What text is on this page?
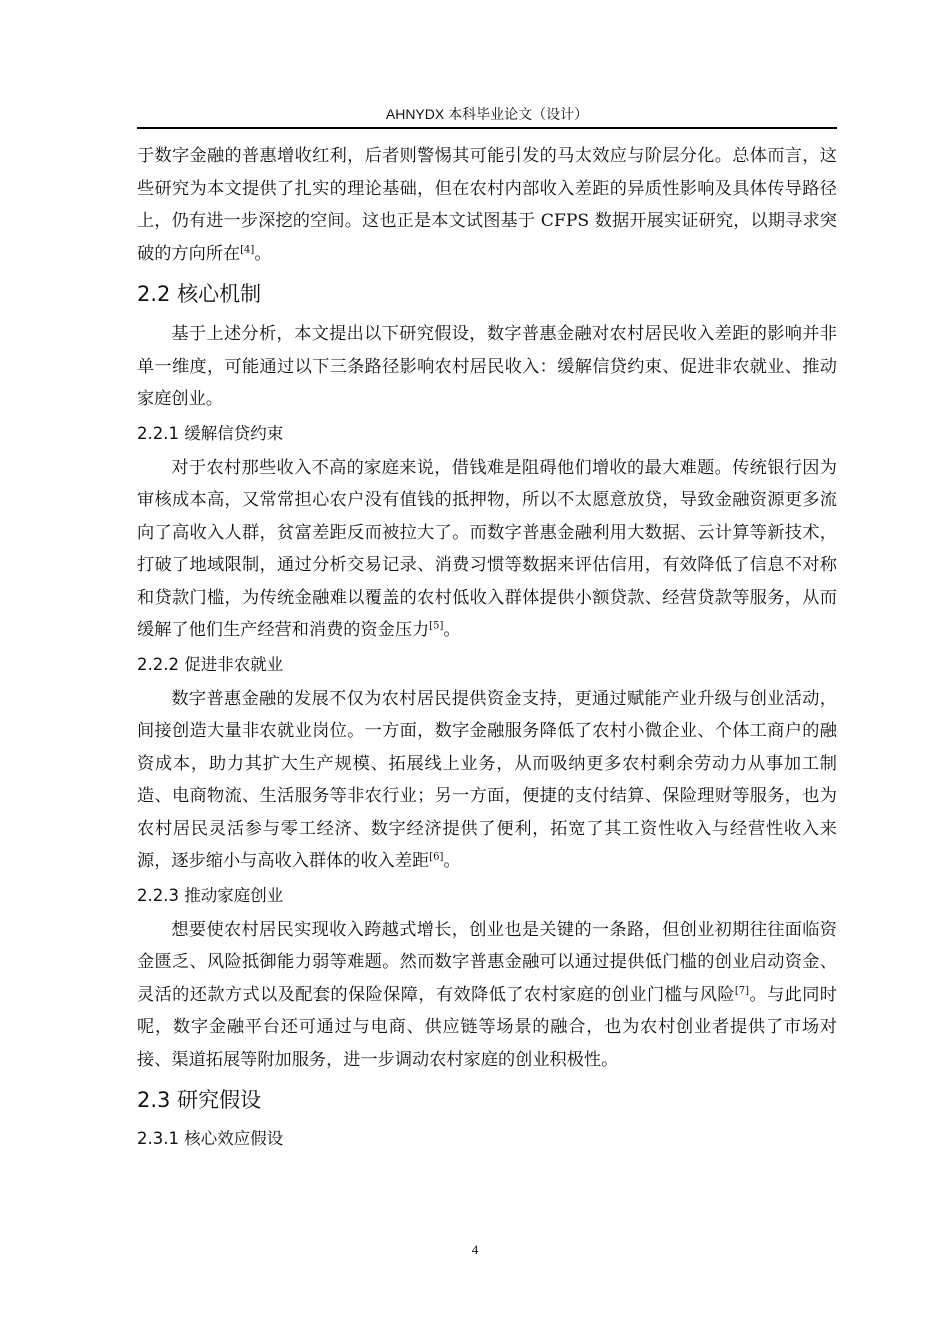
AHNYDX 本科毕业论文（设计）

于数字金融的普惠增收红利，后者则警惕其可能引发的马太效应与阶层分化。总体而言，这些研究为本文提供了扎实的理论基础，但在农村内部收入差距的异质性影响及具体传导路径上，仍有进一步深挖的空间。这也正是本文试图基于 CFPS 数据开展实证研究，以期寻求突破的方向所在[4]。

2.2 核心机制

基于上述分析，本文提出以下研究假设，数字普惠金融对农村居民收入差距的影响并非单一维度，可能通过以下三条路径影响农村居民收入：缓解信贷约束、促进非农就业、推动家庭创业。

2.2.1 缓解信贷约束

对于农村那些收入不高的家庭来说，借钱难是阻碍他们增收的最大难题。传统银行因为审核成本高，又常常担心农户没有值钱的抵押物，所以不太愿意放贷，导致金融资源更多流向了高收入人群，贫富差距反而被拉大了。而数字普惠金融利用大数据、云计算等新技术，打破了地域限制，通过分析交易记录、消费习惯等数据来评估信用，有效降低了信息不对称和贷款门槛，为传统金融难以覆盖的农村低收入群体提供小额贷款、经营贷款等服务，从而缓解了他们生产经营和消费的资金压力[5]。

2.2.2 促进非农就业

数字普惠金融的发展不仅为农村居民提供资金支持，更通过赋能产业升级与创业活动，间接创造大量非农就业岗位。一方面，数字金融服务降低了农村小微企业、个体工商户的融资成本，助力其扩大生产规模、拓展线上业务，从而吸纳更多农村剩余劳动力从事加工制造、电商物流、生活服务等非农行业；另一方面，便捷的支付结算、保险理财等服务，也为农村居民灵活参与零工经济、数字经济提供了便利，拓宽了其工资性收入与经营性收入来源，逐步缩小与高收入群体的收入差距[6]。

2.2.3 推动家庭创业

想要使农村居民实现收入跨越式增长，创业也是关键的一条路，但创业初期往往面临资金匮乏、风险抵御能力弱等难题。然而数字普惠金融可以通过提供低门槛的创业启动资金、灵活的还款方式以及配套的保险保障，有效降低了农村家庭的创业门槛与风险[7]。与此同时呢，数字金融平台还可通过与电商、供应链等场景的融合，也为农村创业者提供了市场对接、渠道拓展等附加服务，进一步调动农村家庭的创业积极性。

2.3 研究假设
2.3.1 核心效应假设
4
